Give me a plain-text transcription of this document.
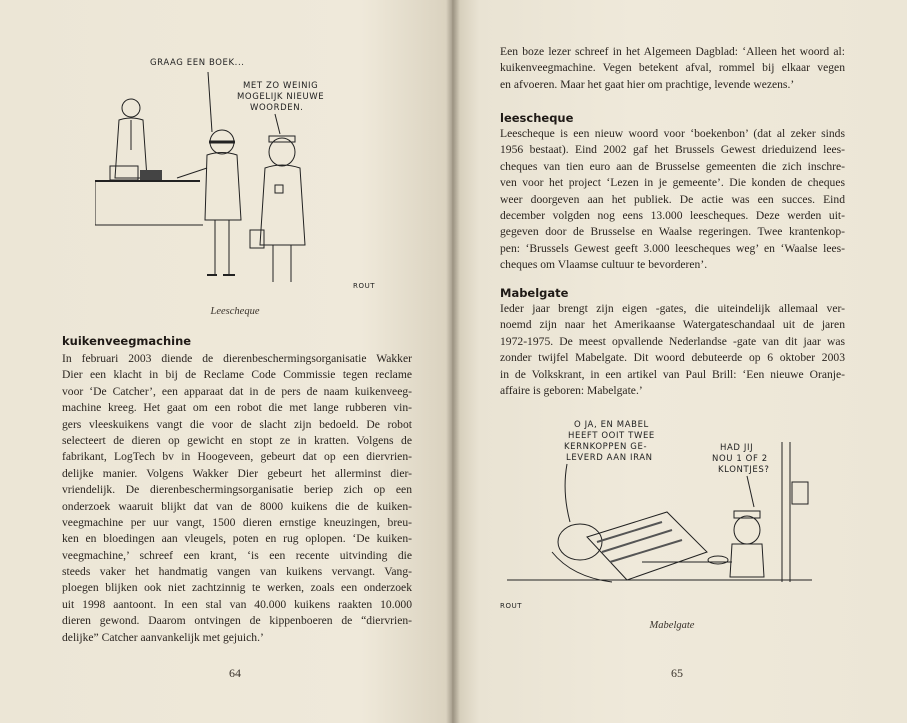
GRAAG EEN BOEK...
MET ZO WEINIG
MOGELIJK NIEUWE
WOORDEN.
ROUT
Leescheque
kuikenveegmachine
In februari 2003 diende de dierenbeschermingsorganisatie Wakker
Dier een klacht in bij de Reclame Code Commissie tegen reclame
voor ‘De Catcher’, een apparaat dat in de pers de naam kuikenveeg-
machine kreeg. Het gaat om een robot die met lange rubberen vin-
gers vleeskuikens vangt die voor de slacht zijn bedoeld. De robot
selecteert de dieren op gewicht en stopt ze in kratten. Volgens de
fabrikant, LogTech bv in Hoogeveen, gebeurt dat op een diervrien-
delijke manier. Volgens Wakker Dier gebeurt het allerminst dier-
vriendelijk. De dierenbeschermingsorganisatie beriep zich op een
onderzoek waaruit blijkt dat van de 8000 kuikens die de kuiken-
veegmachine per uur vangt, 1500 dieren ernstige kneuzingen, breu-
ken en bloedingen aan vleugels, poten en rug oplopen. ‘De kuiken-
veegmachine,’ schreef een krant, ‘is een recente uitvinding die
steeds vaker het handmatig vangen van kuikens vervangt. Vang-
ploegen blijken ook niet zachtzinnig te werken, zoals een onderzoek
uit 1998 aantoont. In een stal van 40.000 kuikens raakten 10.000
dieren gewond. Daarom ontvingen de kippenboeren de “diervrien-
delijke” Catcher aanvankelijk met gejuich.’
64
Een boze lezer schreef in het Algemeen Dagblad: ‘Alleen het woord al:
kuikenveegmachine. Vegen betekent afval, rommel bij elkaar vegen
en afvoeren. Maar het gaat hier om prachtige, levende wezens.’
leescheque
Leescheque is een nieuw woord voor ‘boekenbon’ (dat al zeker sinds
1956 bestaat). Eind 2002 gaf het Brussels Gewest drieduizend lees-
cheques van tien euro aan de Brusselse gemeenten die zich inschre-
ven voor het project ‘Lezen in je gemeente’. Die konden de cheques
weer doorgeven aan het publiek. De actie was een succes. Eind
december volgden nog eens 13.000 leescheques. Deze werden uit-
gegeven door de Brusselse en Waalse regeringen. Twee krantenkop-
pen: ‘Brussels Gewest geeft 3.000 leescheques weg’ en ‘Waalse lees-
cheques om Vlaamse cultuur te bevorderen’.
Mabelgate
Ieder jaar brengt zijn eigen -gates, die uiteindelijk allemaal ver-
noemd zijn naar het Amerikaanse Watergateschandaal uit de jaren
1972-1975. De meest opvallende Nederlandse -gate van dit jaar was
zonder twijfel Mabelgate. Dit woord debuteerde op 6 oktober 2003
in de Volkskrant, in een artikel van Paul Brill: ‘Een nieuwe Oranje-
affaire is geboren: Mabelgate.’
O JA, EN MABEL
HEEFT OOIT TWEE
KERNKOPPEN GE-
LEVERD AAN IRAN
HAD JIJ
NOU 1 OF 2
KLONTJES?
ROUT
Mabelgate
65
